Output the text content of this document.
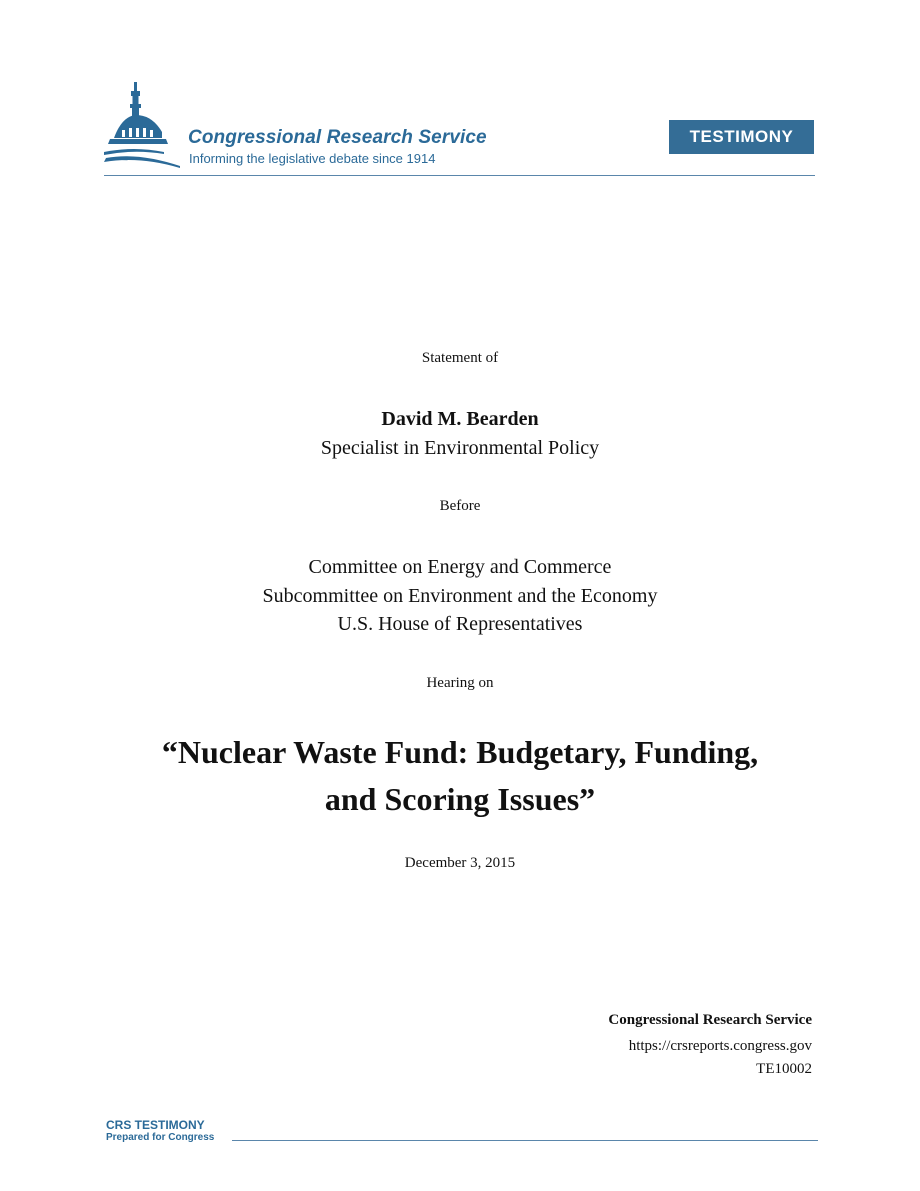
Congressional Research Service
Informing the legislative debate since 1914
TESTIMONY
Statement of
David M. Bearden
Specialist in Environmental Policy
Before
Committee on Energy and Commerce
Subcommittee on Environment and the Economy
U.S. House of Representatives
Hearing on
“Nuclear Waste Fund: Budgetary, Funding,
and Scoring Issues”
December 3, 2015
Congressional Research Service
https://crsreports.congress.gov
TE10002
CRS TESTIMONY
Prepared for Congress
